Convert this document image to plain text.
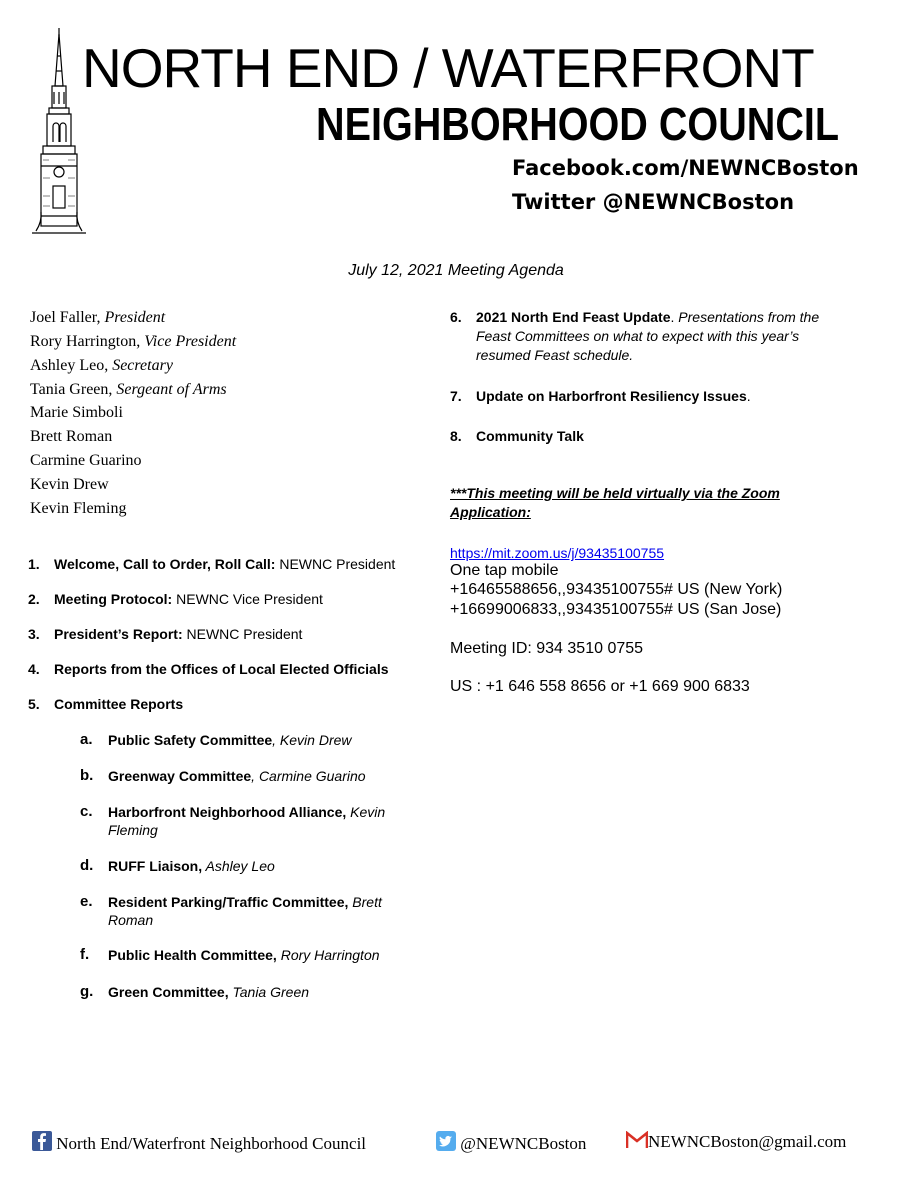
NORTH END / WATERFRONT
NEIGHBORHOOD COUNCIL
Facebook.com/NEWNCBoston
Twitter @NEWNCBoston
July 12, 2021 Meeting Agenda
Joel Faller, President
Rory Harrington, Vice President
Ashley Leo, Secretary
Tania Green, Sergeant of Arms
Marie Simboli
Brett Roman
Carmine Guarino
Kevin Drew
Kevin Fleming
1. Welcome, Call to Order, Roll Call: NEWNC President
2. Meeting Protocol: NEWNC Vice President
3. President’s Report: NEWNC President
4. Reports from the Offices of Local Elected Officials
5. Committee Reports
a. Public Safety Committee, Kevin Drew
b. Greenway Committee, Carmine Guarino
c. Harborfront Neighborhood Alliance, Kevin Fleming
d. RUFF Liaison, Ashley Leo
e. Resident Parking/Traffic Committee, Brett Roman
f. Public Health Committee, Rory Harrington
g. Green Committee, Tania Green
6. 2021 North End Feast Update. Presentations from the Feast Committees on what to expect with this year’s resumed Feast schedule.
7. Update on Harborfront Resiliency Issues.
8. Community Talk
***This meeting will be held virtually via the Zoom Application:
https://mit.zoom.us/j/93435100755
One tap mobile
+16465588656,,93435100755# US (New York)
+16699006833,,93435100755# US (San Jose)
Meeting ID: 934 3510 0755
US : +1 646 558 8656 or +1 669 900 6833
North End/Waterfront Neighborhood Council	@NEWNCBoston	NEWNCBoston@gmail.com
